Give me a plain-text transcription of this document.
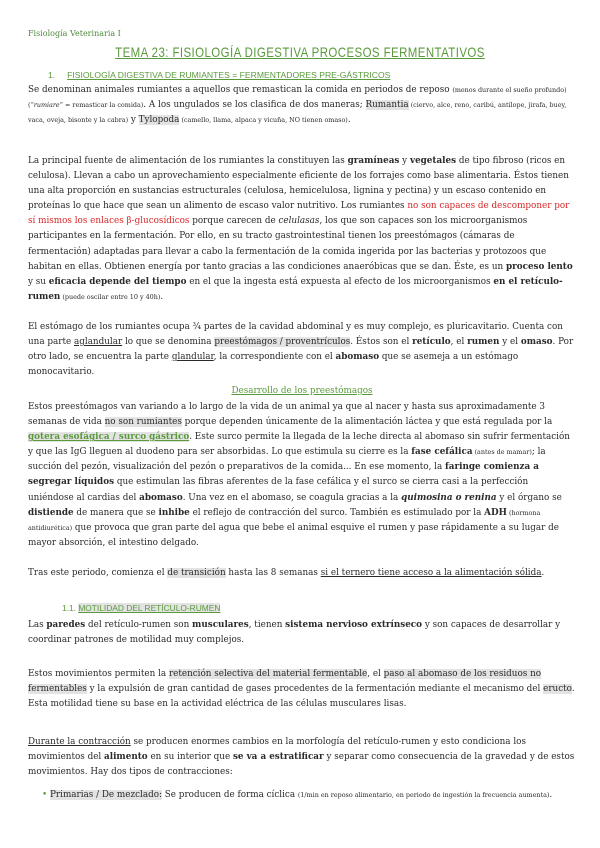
Fisiología Veterinaria I
TEMA 23: FISIOLOGÍA DIGESTIVA PROCESOS FERMENTATIVOS
1. FISIOLOGÍA DIGESTIVA DE RUMIANTES = FERMENTADORES PRE-GÁSTRICOS
Se denominan animales rumiantes a aquellos que remastican la comida en periodos de reposo (menos durante el sueño profundo) (“rumiare” = remasticar la comida). A los ungulados se los clasifica de dos maneras; Rumantia (ciervo, alce, reno, caribú, antílope, jirafa, buey, vaca, oveja, bisonte y la cabra) y Tylopoda (camello, llama, alpaca y vicuña, NO tienen omaso).
La principal fuente de alimentación de los rumiantes la constituyen las gramíneas y vegetales de tipo fibroso (ricos en celulosa). Llevan a cabo un aprovechamiento especialmente eficiente de los forrajes como base alimentaria. Éstos tienen una alta proporción en sustancias estructurales (celulosa, hemicelulosa, lignina y pectina) y un escaso contenido en proteínas lo que hace que sean un alimento de escaso valor nutritivo. Los rumiantes no son capaces de descomponer por sí mismos los enlaces β-glucosídicos porque carecen de celulasas, los que son capaces son los microorganismos participantes en la fermentación. Por ello, en su tracto gastrointestinal tienen los preestómagos (cámaras de fermentación) adaptadas para llevar a cabo la fermentación de la comida ingerida por las bacterias y protozoos que habitan en ellas. Obtienen energía por tanto gracias a las condiciones anaeróbicas que se dan. Éste, es un proceso lento y su eficacia depende del tiempo en el que la ingesta está expuesta al efecto de los microorganismos en el retículo-rumen (puede oscilar entre 10 y 40h).
El estómago de los rumiantes ocupa ¾ partes de la cavidad abdominal y es muy complejo, es pluricavitario. Cuenta con una parte aglandular lo que se denomina preestómagos / proventrículos. Éstos son el retículo, el rumen y el omaso. Por otro lado, se encuentra la parte glandular, la correspondiente con el abomaso que se asemeja a un estómago monocavitario.
Desarrollo de los preestómagos
Estos preestómagos van variando a lo largo de la vida de un animal ya que al nacer y hasta sus aproximadamente 3 semanas de vida no son rumiantes porque dependen únicamente de la alimentación láctea y que está regulada por la gotera esofágica / surco gástrico. Este surco permite la llegada de la leche directa al abomaso sin sufrir fermentación y que las IgG lleguen al duodeno para ser absorbidas. Lo que estimula su cierre es la fase cefálica (antes de mamar); la succión del pezón, visualización del pezón o preparativos de la comida... En ese momento, la faringe comienza a segregar líquidos que estimulan las fibras aferentes de la fase cefálica y el surco se cierra casi a la perfección uniéndose al cardias del abomaso. Una vez en el abomaso, se coagula gracias a la quimosina o renina y el órgano se distiende de manera que se inhibe el reflejo de contracción del surco. También es estimulado por la ADH (hormona antidiurética) que provoca que gran parte del agua que bebe el animal esquive el rumen y pase rápidamente a su lugar de mayor absorción, el intestino delgado.
Tras este periodo, comienza el de transición hasta las 8 semanas si el ternero tiene acceso a la alimentación sólida.
1.1. MOTILIDAD DEL RETÍCULO-RUMEN
Las paredes del retículo-rumen son musculares, tienen sistema nervioso extrínseco y son capaces de desarrollar y coordinar patrones de motilidad muy complejos.
Estos movimientos permiten la retención selectiva del material fermentable, el paso al abomaso de los residuos no fermentables y la expulsión de gran cantidad de gases procedentes de la fermentación mediante el mecanismo del eructo. Esta motilidad tiene su base en la actividad eléctrica de las células musculares lisas.
Durante la contracción se producen enormes cambios en la morfología del retículo-rumen y esto condiciona los movimientos del alimento en su interior que se va a estratificar y separar como consecuencia de la gravedad y de estos movimientos. Hay dos tipos de contracciones:
• Primarias / De mezclado: Se producen de forma cíclica (1/min en reposo alimentario, en periodo de ingestión la frecuencia aumenta).
